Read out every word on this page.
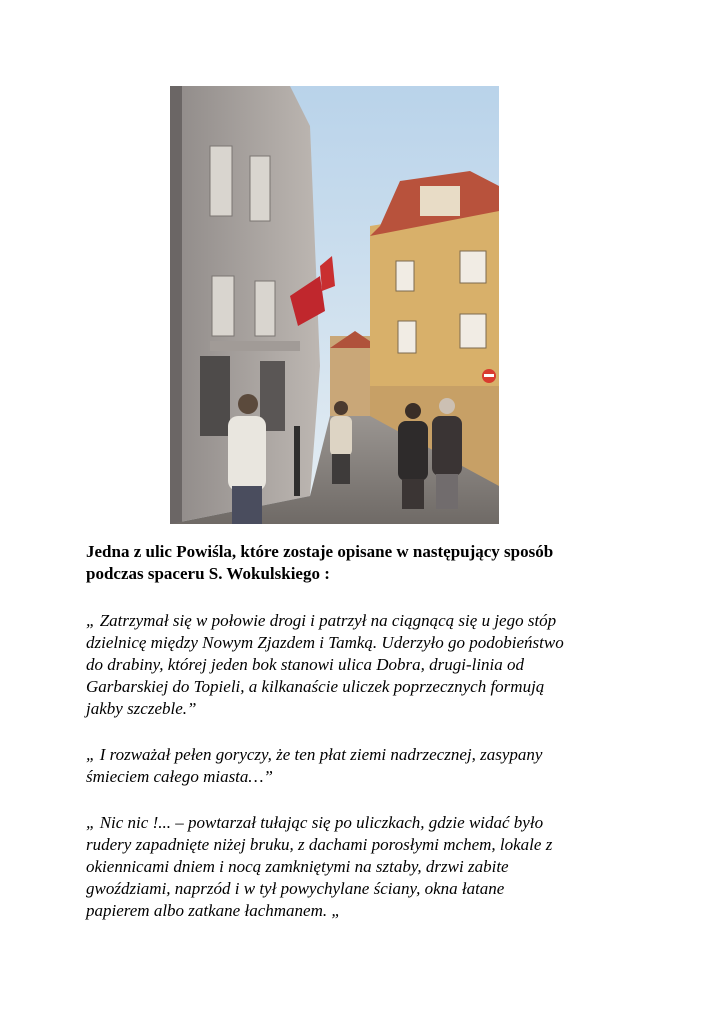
Jedna z ulic Powiśla, które zostaje opisane w następujący sposób
podczas spaceru S. Wokulskiego :
„ Zatrzymał się w połowie drogi i patrzył na ciągnącą się u jego stóp
dzielnicę między Nowym Zjazdem i Tamką. Uderzyło go podobieństwo
do drabiny, której jeden bok stanowi ulica Dobra, drugi-linia od
Garbarskiej do Topieli, a kilkanaście uliczek poprzecznych formują
jakby szczeble.”
„ I rozważał pełen goryczy, że ten płat ziemi nadrzecznej, zasypany
śmieciem całego miasta…”
„ Nic nic !... – powtarzał tułając się po uliczkach, gdzie widać było
rudery zapadnięte niżej bruku, z dachami porosłymi mchem, lokale z
okiennicami dniem i nocą zamkniętymi na sztaby, drzwi zabite
gwoździami, naprzód i w tył powychylane ściany, okna łatane
papierem albo zatkane łachmanem. „
